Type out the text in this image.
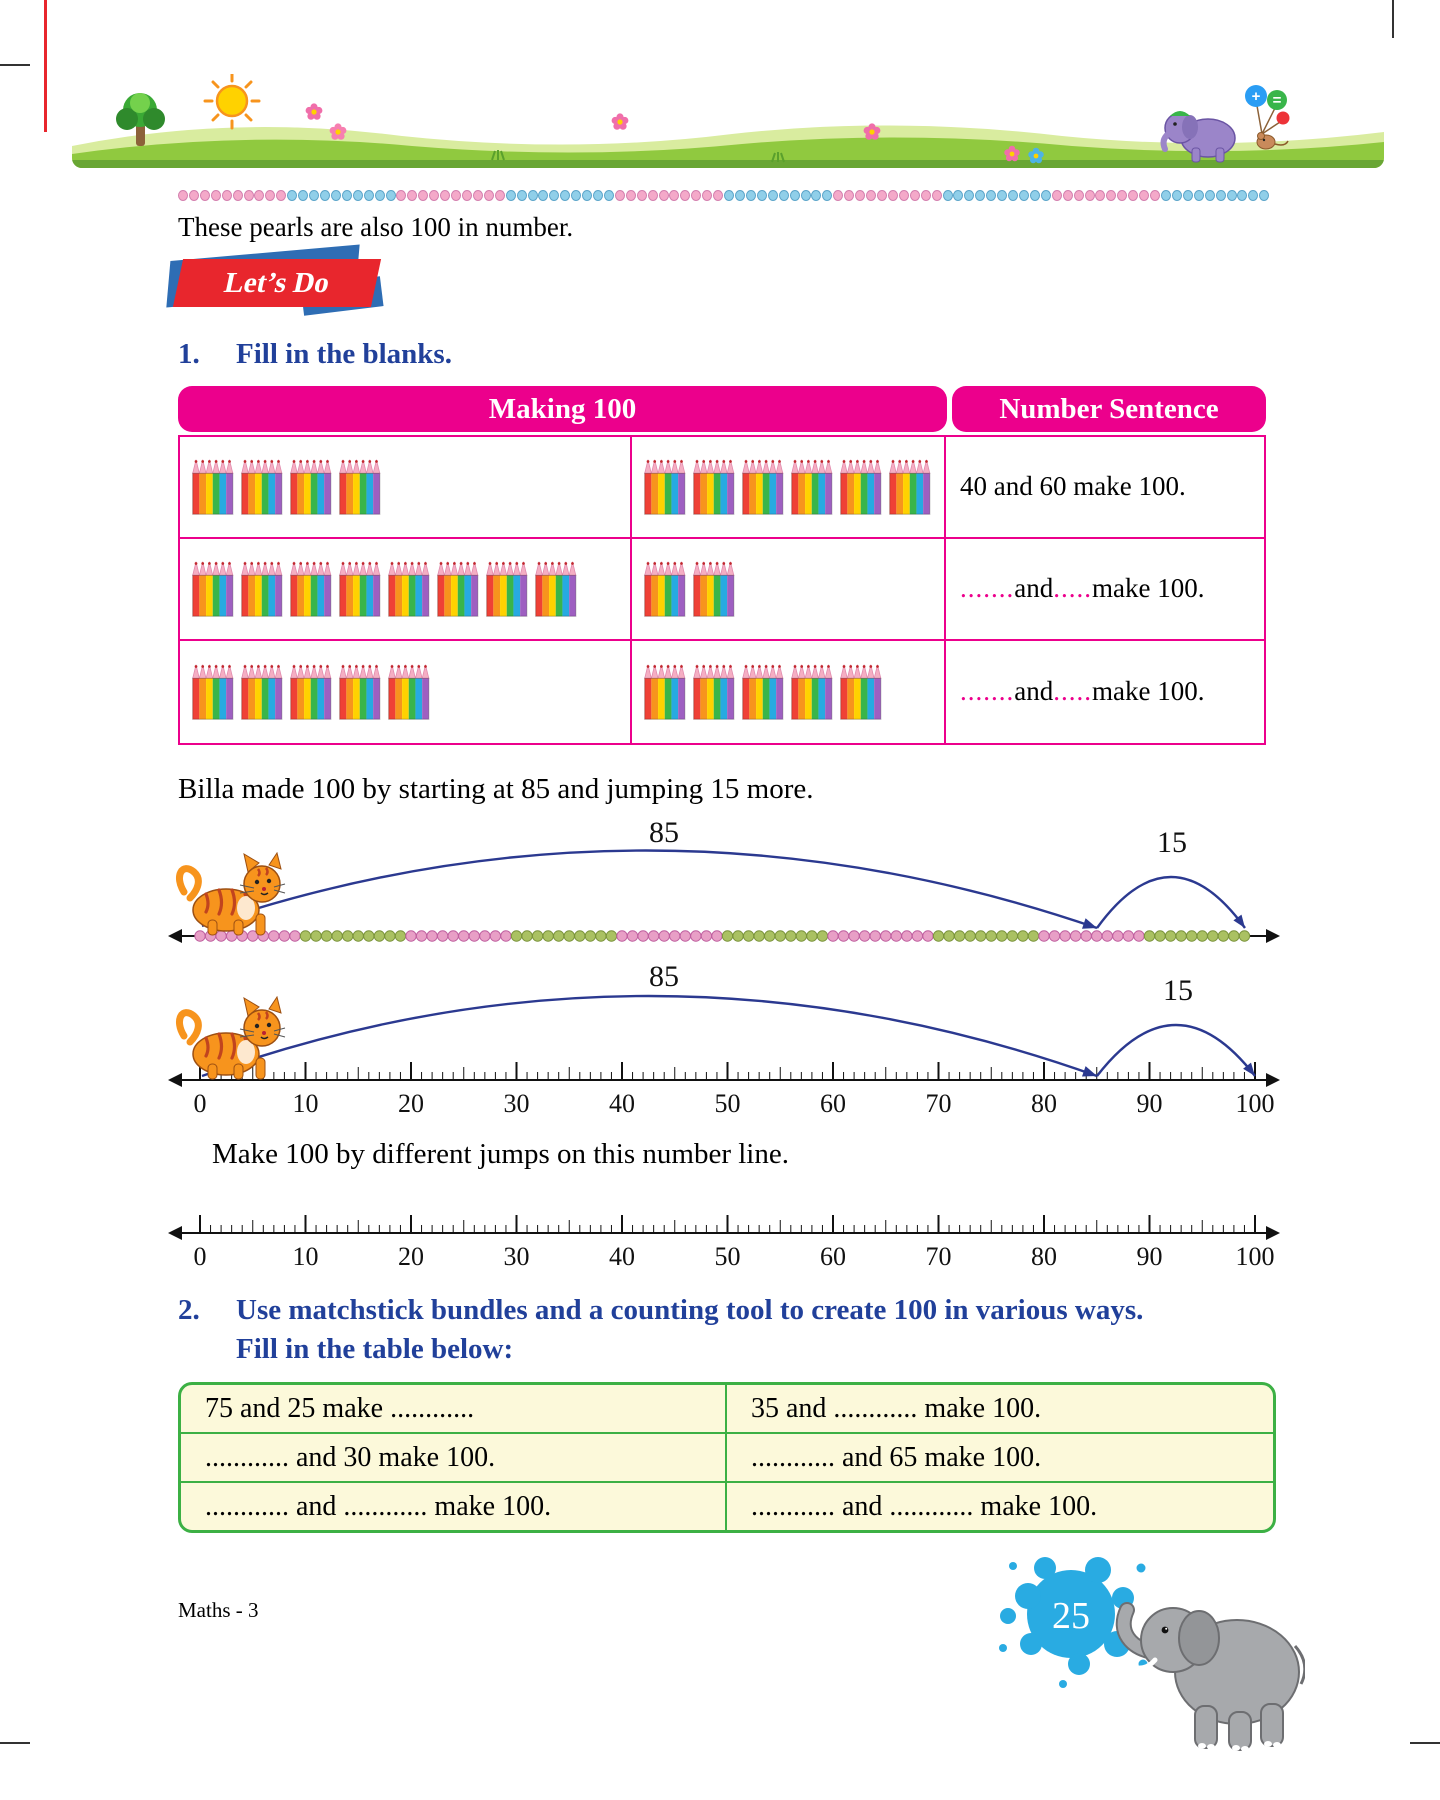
+ =

These pearls are also 100 in number.

Let’s Do
1.	Fill in the blanks.
Making 100	Number Sentence
40 and 60 make 100.
....... and ..... make 100.
....... and ..... make 100.

Billa made 100 by starting at 85 and jumping 15 more.

85	15
0	10	20	30	40	50	60	70	80	90	100
85	15

Make 100 by different jumps on this number line.

0	10	20	30	40	50	60	70	80	90	100
2.	Use matchstick bundles and a counting tool to create 100 in various ways.
Fill in the table below:
75 and 25 make ............	35 and ............ make 100.
............ and 30 make 100.	............ and 65 make 100.
............ and ............ make 100.	............ and ............ make 100.

Maths - 3	25
